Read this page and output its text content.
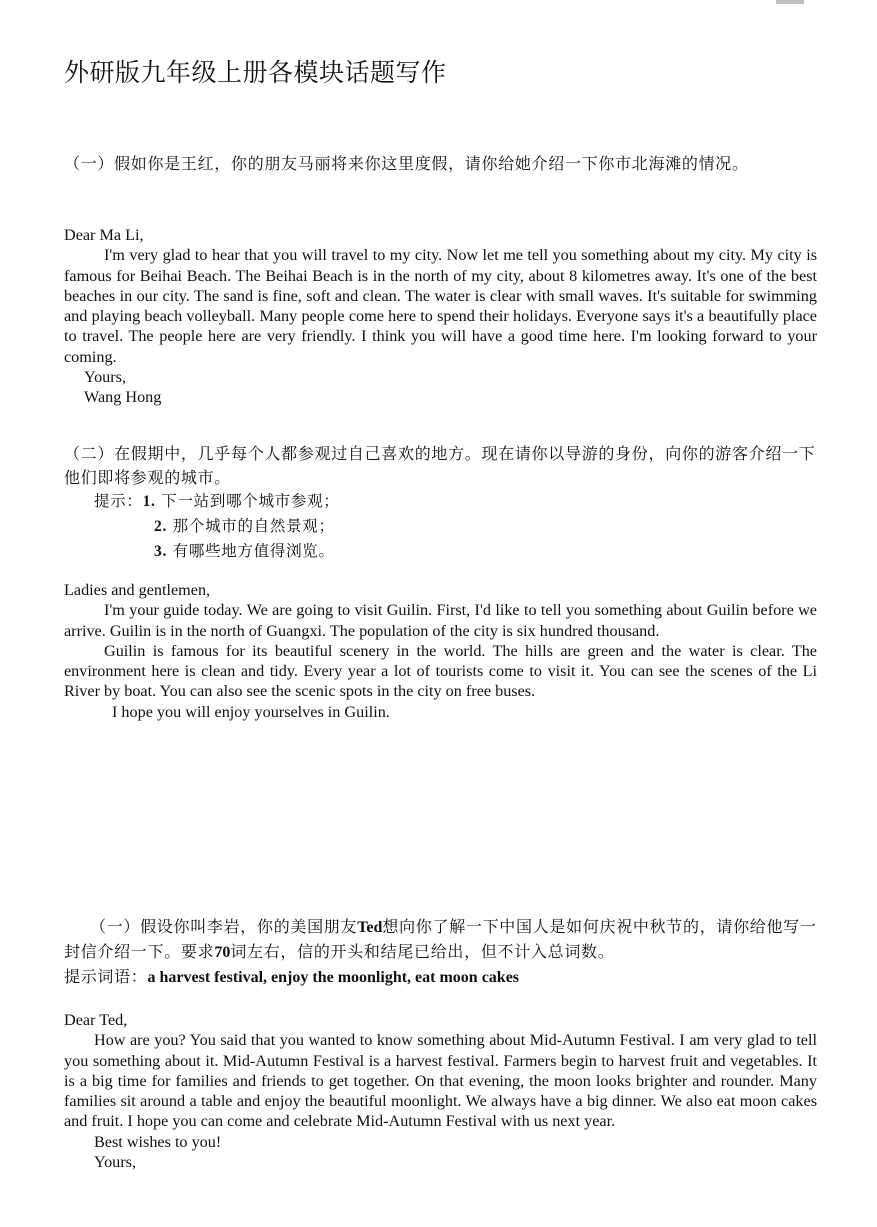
外研版九年级上册各模块话题写作

（一）假如你是王红，你的朋友马丽将来你这里度假，请你给她介绍一下你市北海滩的情况。

Dear Ma Li,

I'm very glad to hear that you will travel to my city. Now let me tell you something about my city. My city is famous for Beihai Beach. The Beihai Beach is in the north of my city, about 8 kilometres away. It's one of the best beaches in our city. The sand is fine, soft and clean. The water is clear with small waves. It's suitable for swimming and playing beach volleyball. Many people come here to spend their holidays. Everyone says it's a beautifully place to travel. The people here are very friendly. I think you will have a good time here. I'm looking forward to your coming.

Yours,

Wang Hong

（二）在假期中，几乎每个人都参观过自己喜欢的地方。现在请你以导游的身份，向你的游客介绍一下他们即将参观的城市。

提示：1. 下一站到哪个城市参观；

2. 那个城市的自然景观；

3. 有哪些地方值得浏览。

Ladies and gentlemen,

I'm your guide today. We are going to visit Guilin. First, I'd like to tell you something about Guilin before we arrive. Guilin is in the north of Guangxi. The population of the city is six hundred thousand.

Guilin is famous for its beautiful scenery in the world. The hills are green and the water is clear. The environment here is clean and tidy. Every year a lot of tourists come to visit it. You can see the scenes of the Li River by boat. You can also see the scenic spots in the city on free buses.

I hope you will enjoy yourselves in Guilin.

（一）假设你叫李岩，你的美国朋友Ted想向你了解一下中国人是如何庆祝中秋节的，请你给他写一封信介绍一下。要求70词左右，信的开头和结尾已给出，但不计入总词数。

提示词语：a harvest festival, enjoy the moonlight, eat moon cakes

Dear Ted,

How are you? You said that you wanted to know something about Mid-Autumn Festival. I am very glad to tell you something about it. Mid-Autumn Festival is a harvest festival. Farmers begin to harvest fruit and vegetables. It is a big time for families and friends to get together. On that evening, the moon looks brighter and rounder. Many families sit around a table and enjoy the beautiful moonlight. We always have a big dinner. We also eat moon cakes and fruit. I hope you can come and celebrate Mid-Autumn Festival with us next year.

Best wishes to you!

Yours,
